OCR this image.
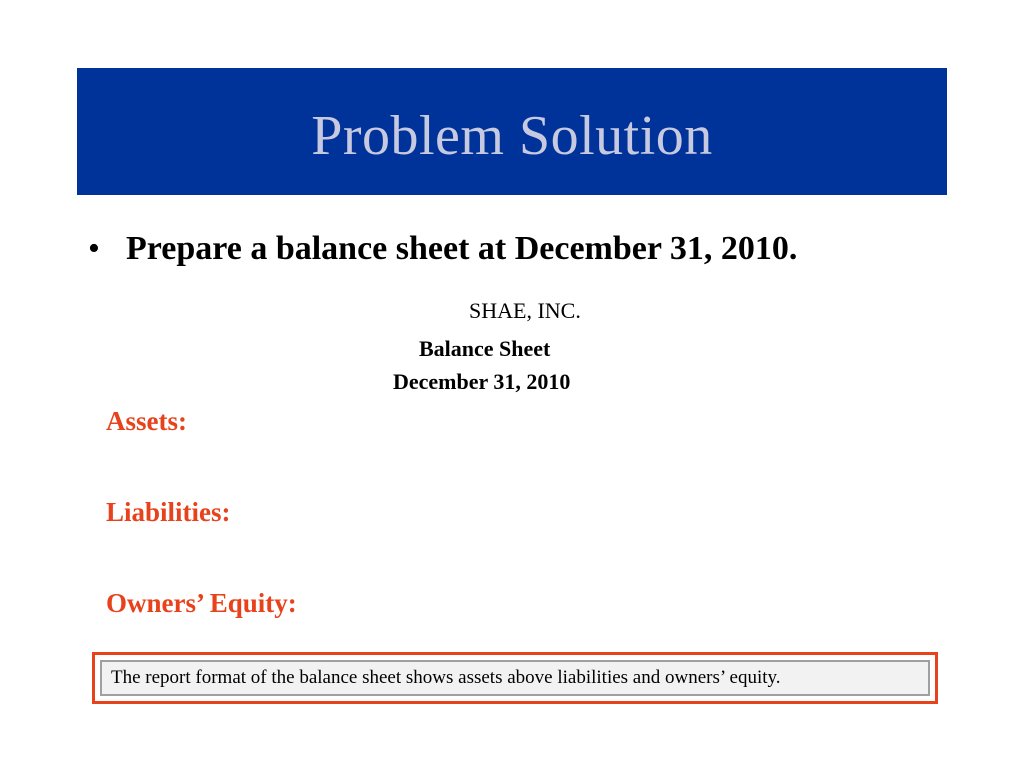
Problem Solution
• Prepare a balance sheet at December 31, 2010.
SHAE, INC.
Balance Sheet
December 31, 2010
Assets:
Liabilities:
Owners’ Equity:
The report format of the balance sheet shows assets above liabilities and owners’ equity.
